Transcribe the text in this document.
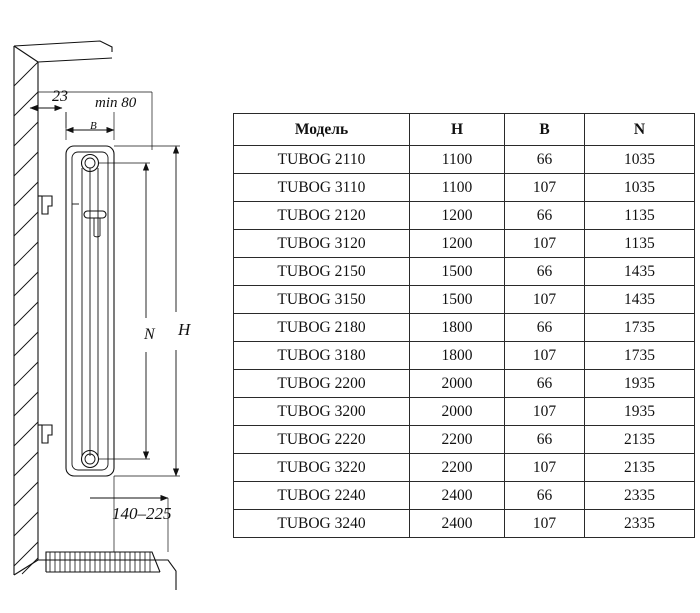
23 min 80
B
H
N
140–225
Модель	H	B	N
TUBOG 2110	1100	66	1035
TUBOG 3110	1100	107	1035
TUBOG 2120	1200	66	1135
TUBOG 3120	1200	107	1135
TUBOG 2150	1500	66	1435
TUBOG 3150	1500	107	1435
TUBOG 2180	1800	66	1735
TUBOG 3180	1800	107	1735
TUBOG 2200	2000	66	1935
TUBOG 3200	2000	107	1935
TUBOG 2220	2200	66	2135
TUBOG 3220	2200	107	2135
TUBOG 2240	2400	66	2335
TUBOG 3240	2400	107	2335
